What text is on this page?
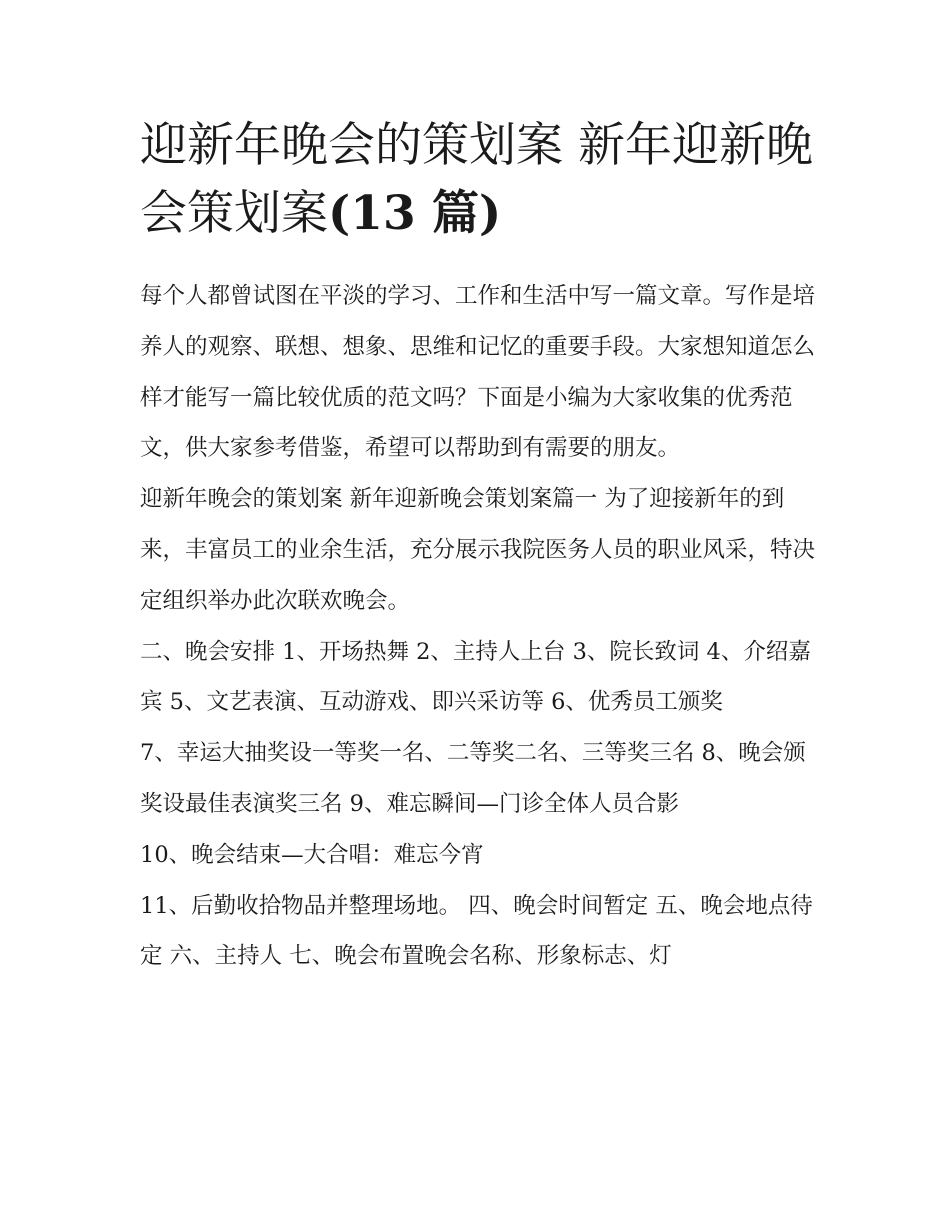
迎新年晚会的策划案 新年迎新晚会策划案(13 篇)

每个人都曾试图在平淡的学习、工作和生活中写一篇文章。写作是培养人的观察、联想、想象、思维和记忆的重要手段。大家想知道怎么样才能写一篇比较优质的范文吗？下面是小编为大家收集的优秀范文，供大家参考借鉴，希望可以帮助到有需要的朋友。

迎新年晚会的策划案 新年迎新晚会策划案篇一 为了迎接新年的到来，丰富员工的业余生活，充分展示我院医务人员的职业风采，特决定组织举办此次联欢晚会。

二、晚会安排 1、开场热舞 2、主持人上台 3、院长致词 4、介绍嘉宾 5、文艺表演、互动游戏、即兴采访等 6、优秀员工颁奖

7、幸运大抽奖设一等奖一名、二等奖二名、三等奖三名 8、晚会颁奖设最佳表演奖三名 9、难忘瞬间—门诊全体人员合影

10、晚会结束—大合唱：难忘今宵

11、后勤收拾物品并整理场地。 四、晚会时间暂定 五、晚会地点待定 六、主持人 七、晚会布置晚会名称、形象标志、灯
